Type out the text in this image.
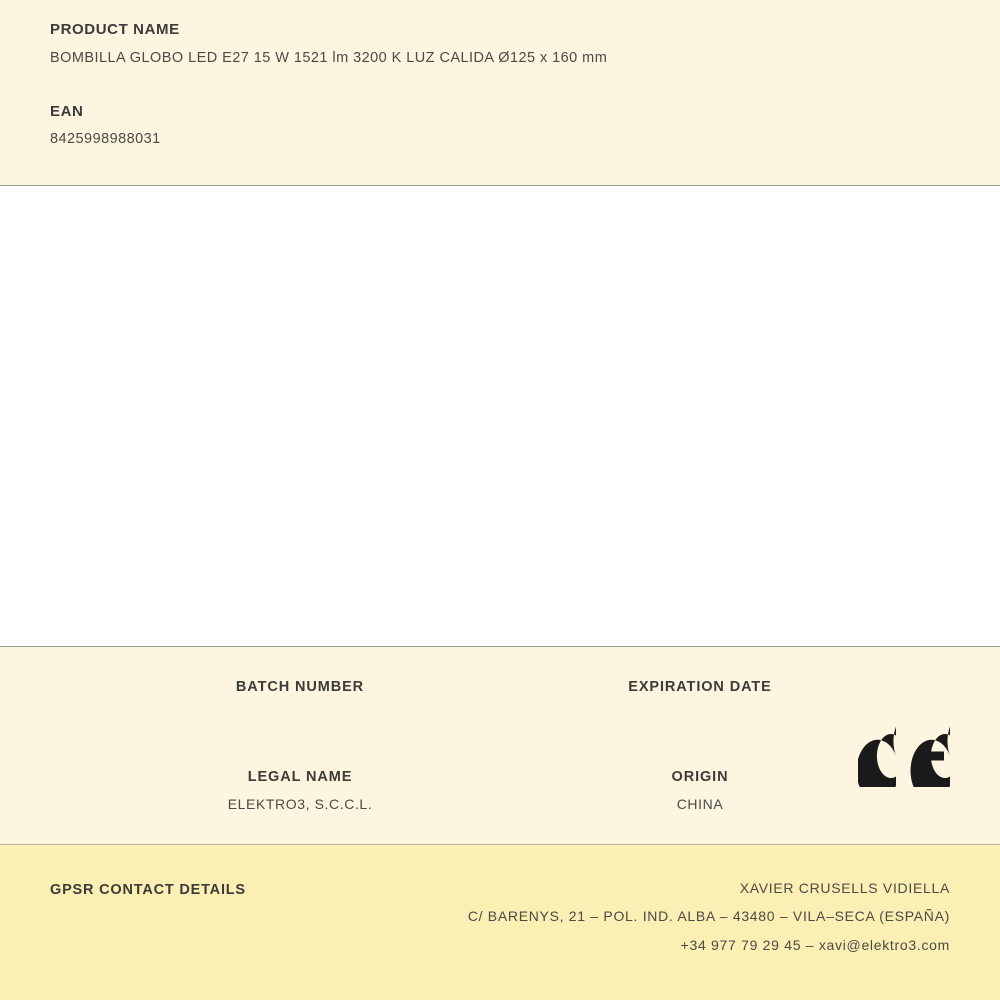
PRODUCT NAME
BOMBILLA GLOBO LED E27 15 W 1521 lm 3200 K LUZ CALIDA Ø125 x 160 mm
EAN
8425998988031
BATCH NUMBER	EXPIRATION DATE
LEGAL NAME
ELEKTRO3, S.C.C.L.
ORIGIN
CHINA
GPSR CONTACT DETAILS	XAVIER CRUSELLS VIDIELLA
C/ BARENYS, 21 – POL. IND. ALBA – 43480 – VILA–SECA (ESPAÑA)
+34 977 79 29 45 – xavi@elektro3.com
